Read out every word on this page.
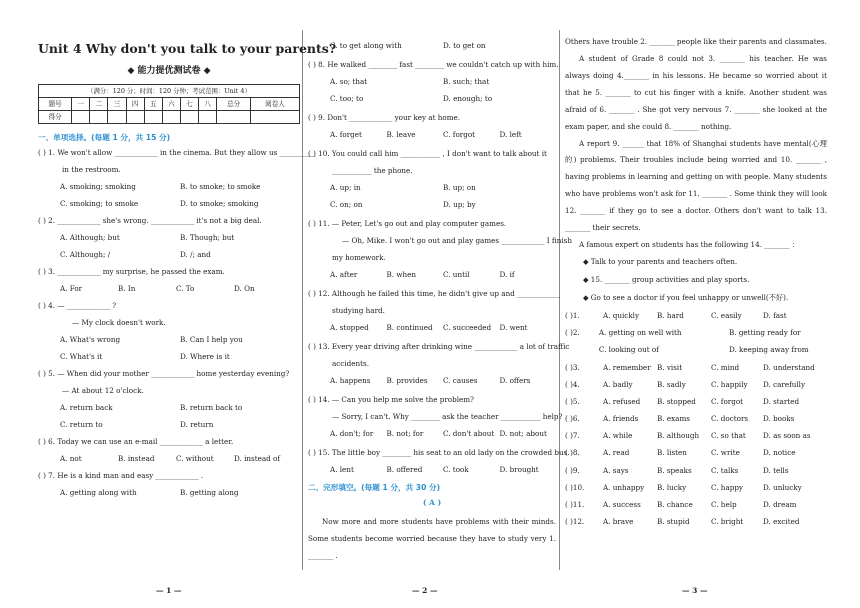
Unit 4 Why don't you talk to your parents?
◆ 能力提优测试卷 ◆
（满分：120 分；时间：120 分钟；考试范围：Unit 4）
题号	一	二	三	四	五	六	七	八	总分	阅卷人
得分										
一、单项选择。(每题 1 分，共 15 分)
( ) 1. We won't allow ____________ in the cinema. But they allow us __________
in the restroom.
A. smoking; smoking	B. to smoke; to smoke
C. smoking; to smoke	D. to smoke; smoking
( ) 2. ____________ she's wrong. ____________ it's not a big deal.
A. Although; but	B. Though; but
C. Although; /	D. /; and
( ) 3. ____________ my surprise, he passed the exam.
A. For	B. In	C. To	D. On
( ) 4. — ____________ ?
— My clock doesn't work.
A. What's wrong	B. Can I help you
C. What's it	D. Where is it
( ) 5. — When did your mother ____________ home yesterday evening?
— At about 12 o'clock.
A. return back	B. return back to
C. return to	D. return
( ) 6. Today we can use an e-mail ____________ a letter.
A. not	B. instead	C. without	D. instead of
( ) 7. He is a kind man and easy ____________ .
A. getting along with	B. getting along
— 1 —
C. to get along with	D. to get on
( ) 8. He walked ________ fast ________ we couldn't catch up with him.
A. so; that	B. such; that
C. too; to	D. enough; to
( ) 9. Don't ____________ your key at home.
A. forget	B. leave	C. forgot	D. left
( ) 10. You could call him ___________ , I don't want to talk about it
___________ the phone.
A. up; in	B. up; on
C. on; on	D. up; by
( ) 11. — Peter, Let's go out and play computer games.
— Oh, Mike. I won't go out and play games ____________ I finish
my homework.
A. after	B. when	C. until	D. if
( ) 12. Although he failed this time, he didn't give up and ____________
studying hard.
A. stopped	B. continued	C. succeeded	D. went
( ) 13. Every year driving after drinking wine ____________ a lot of traffic
accidents.
A. happens	B. provides	C. causes	D. offers
( ) 14. — Can you help me solve the problem?
— Sorry, I can't. Why ________ ask the teacher ___________ help?
A. don't; for	B. not; for	C. don't about D. not; about
( ) 15. The little boy ________ his seat to an old lady on the crowded bus.
A. lent	B. offered	C. took	D. brought
二、完形填空。(每题 1 分，共 30 分)
( A )

Now more and more students have problems with their minds. Some students become worried because they have to study very 1. _______ .

— 2 —

Others have trouble 2. _______ people like their parents and classmates.

A student of Grade 8 could not 3. _______ his teacher. He was always doing 4._______ in his lessons. He became so worried about it that he 5. _______ to cut his finger with a knife. Another student was afraid of 6. _______ . She got very nervous 7. _______ she looked at the exam paper, and she could 8. _______ nothing.

A report 9. ______ that 18% of Shanghai students have mental(心理的) problems. Their troubles include being worried and 10. _______ , having problems in learning and getting on with people. Many students who have problems won't ask for 11. _______ . Some think they will look 12. _______ if they go to see a doctor. Others don't want to talk 13. _______ their secrets.

A famous expert on students has the following 14. _______ ：

◆ Talk to your parents and teachers often.
◆ 15. _______ group activities and play sports.
◆ Go to see a doctor if you feel unhappy or unwell(不好).
( )1.	A. quickly	B. hard	C. easily	D. fast
( )2.	A. getting on well with	B. getting ready for
C. looking out of	D. keeping away from
( )3.	A. remember B. visit	C. mind	D. understand
( )4.	A. badly	B. sadly	C. happily	D. carefully
( )5.	A. refused	B. stopped	C. forgot	D. started
( )6.	A. friends	B. exams	C. doctors	D. books
( )7.	A. while	B. although	C. so that	D. as soon as
( )8.	A. read	B. listen	C. write	D. notice
( )9.	A. says	B. speaks	C. talks	D. tells
( )10.	A. unhappy	B. lucky	C. happy	D. unlucky
( )11.	A. success	B. chance	C. help	D. dream
( )12.	A. brave	B. stupid	C. bright	D. excited
— 3 —
